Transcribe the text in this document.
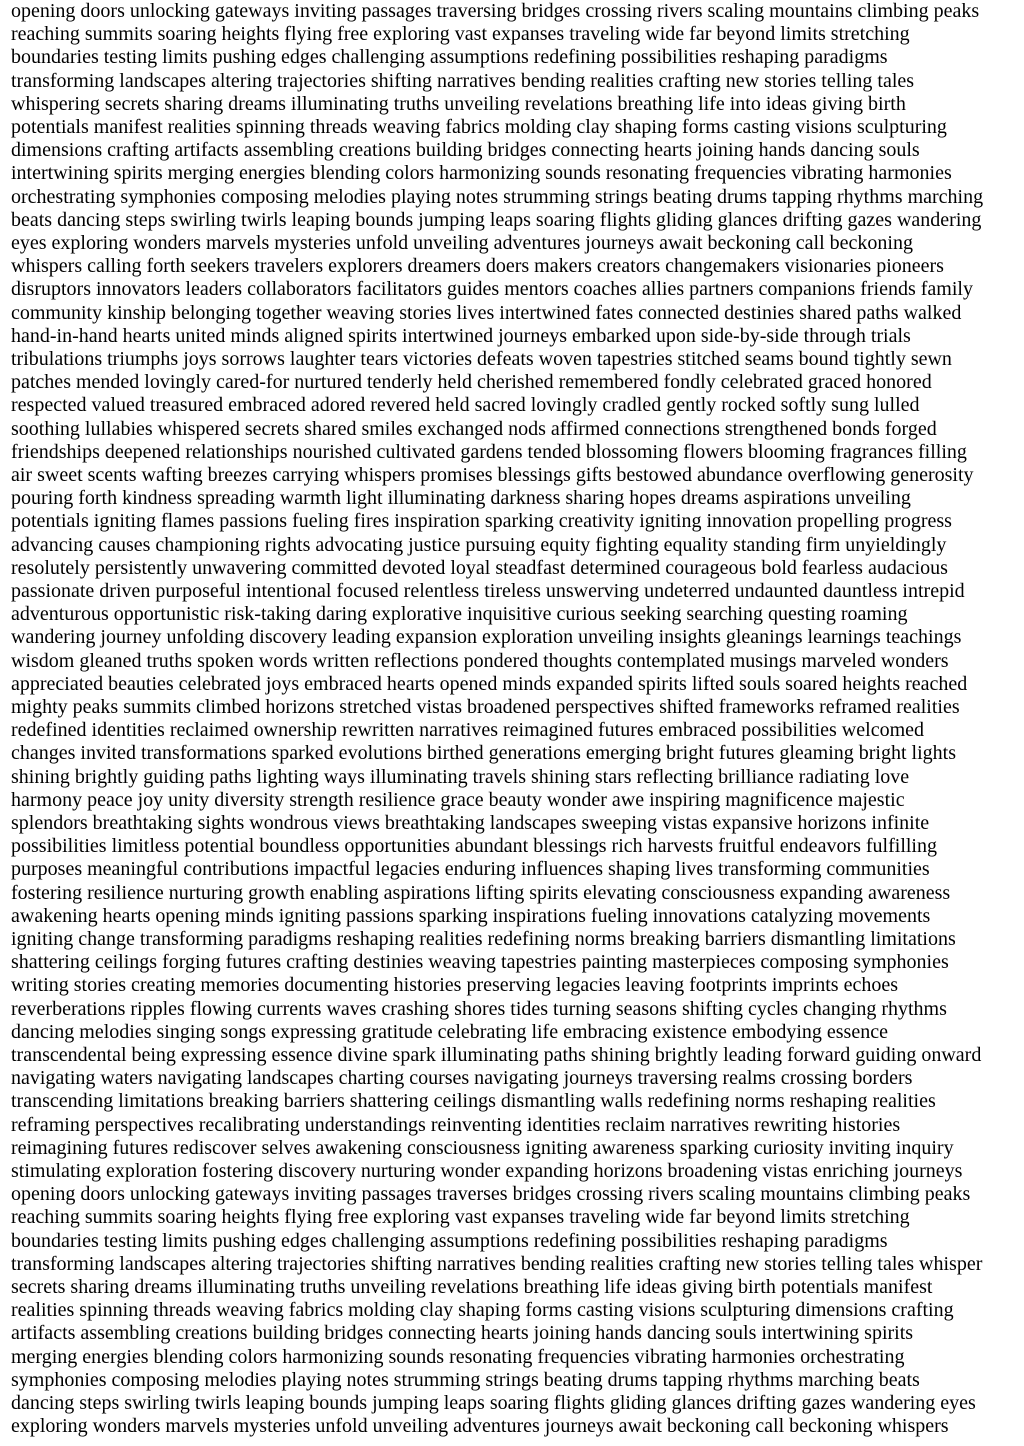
opening doors unlocking gateways inviting passages traversing bridges crossing rivers scaling mountains climbing peaks
reaching summits soaring heights flying free exploring vast expanses traveling wide far beyond limits stretching
boundaries testing limits pushing edges challenging assumptions redefining possibilities reshaping paradigms
transforming landscapes altering trajectories shifting narratives bending realities crafting new stories telling tales
whispering secrets sharing dreams illuminating truths unveiling revelations breathing life into ideas giving birth
potentials manifest realities spinning threads weaving fabrics molding clay shaping forms casting visions sculpturing
dimensions crafting artifacts assembling creations building bridges connecting hearts joining hands dancing souls
intertwining spirits merging energies blending colors harmonizing sounds resonating frequencies vibrating harmonies
orchestrating symphonies composing melodies playing notes strumming strings beating drums tapping rhythms marching
beats dancing steps swirling twirls leaping bounds jumping leaps soaring flights gliding glances drifting gazes wandering
eyes exploring wonders marvels mysteries unfold unveiling adventures journeys await beckoning call beckoning
whispers calling forth seekers travelers explorers dreamers doers makers creators changemakers visionaries pioneers
disruptors innovators leaders collaborators facilitators guides mentors coaches allies partners companions friends family
community kinship belonging together weaving stories lives intertwined fates connected destinies shared paths walked
hand-in-hand hearts united minds aligned spirits intertwined journeys embarked upon side-by-side through trials
tribulations triumphs joys sorrows laughter tears victories defeats woven tapestries stitched seams bound tightly sewn
patches mended lovingly cared-for nurtured tenderly held cherished remembered fondly celebrated graced honored
respected valued treasured embraced adored revered held sacred lovingly cradled gently rocked softly sung lulled
soothing lullabies whispered secrets shared smiles exchanged nods affirmed connections strengthened bonds forged
friendships deepened relationships nourished cultivated gardens tended blossoming flowers blooming fragrances filling
air sweet scents wafting breezes carrying whispers promises blessings gifts bestowed abundance overflowing generosity
pouring forth kindness spreading warmth light illuminating darkness sharing hopes dreams aspirations unveiling
potentials igniting flames passions fueling fires inspiration sparking creativity igniting innovation propelling progress
advancing causes championing rights advocating justice pursuing equity fighting equality standing firm unyieldingly
resolutely persistently unwavering committed devoted loyal steadfast determined courageous bold fearless audacious
passionate driven purposeful intentional focused relentless tireless unswerving undeterred undaunted dauntless intrepid
adventurous opportunistic risk-taking daring explorative inquisitive curious seeking searching questing roaming
wandering journey unfolding discovery leading expansion exploration unveiling insights gleanings learnings teachings
wisdom gleaned truths spoken words written reflections pondered thoughts contemplated musings marveled wonders
appreciated beauties celebrated joys embraced hearts opened minds expanded spirits lifted souls soared heights reached
mighty peaks summits climbed horizons stretched vistas broadened perspectives shifted frameworks reframed realities
redefined identities reclaimed ownership rewritten narratives reimagined futures embraced possibilities welcomed
changes invited transformations sparked evolutions birthed generations emerging bright futures gleaming bright lights
shining brightly guiding paths lighting ways illuminating travels shining stars reflecting brilliance radiating love
harmony peace joy unity diversity strength resilience grace beauty wonder awe inspiring magnificence majestic
splendors breathtaking sights wondrous views breathtaking landscapes sweeping vistas expansive horizons infinite
possibilities limitless potential boundless opportunities abundant blessings rich harvests fruitful endeavors fulfilling
purposes meaningful contributions impactful legacies enduring influences shaping lives transforming communities
fostering resilience nurturing growth enabling aspirations lifting spirits elevating consciousness expanding awareness
awakening hearts opening minds igniting passions sparking inspirations fueling innovations catalyzing movements
igniting change transforming paradigms reshaping realities redefining norms breaking barriers dismantling limitations
shattering ceilings forging futures crafting destinies weaving tapestries painting masterpieces composing symphonies
writing stories creating memories documenting histories preserving legacies leaving footprints imprints echoes
reverberations ripples flowing currents waves crashing shores tides turning seasons shifting cycles changing rhythms
dancing melodies singing songs expressing gratitude celebrating life embracing existence embodying essence
transcendental being expressing essence divine spark illuminating paths shining brightly leading forward guiding onward
navigating waters navigating landscapes charting courses navigating journeys traversing realms crossing borders
transcending limitations breaking barriers shattering ceilings dismantling walls redefining norms reshaping realities
reframing perspectives recalibrating understandings reinventing identities reclaim narratives rewriting histories
reimagining futures rediscover selves awakening consciousness igniting awareness sparking curiosity inviting inquiry
stimulating exploration fostering discovery nurturing wonder expanding horizons broadening vistas enriching journeys
opening doors unlocking gateways inviting passages traverses bridges crossing rivers scaling mountains climbing peaks
reaching summits soaring heights flying free exploring vast expanses traveling wide far beyond limits stretching
boundaries testing limits pushing edges challenging assumptions redefining possibilities reshaping paradigms
transforming landscapes altering trajectories shifting narratives bending realities crafting new stories telling tales whisper
secrets sharing dreams illuminating truths unveiling revelations breathing life ideas giving birth potentials manifest
realities spinning threads weaving fabrics molding clay shaping forms casting visions sculpturing dimensions crafting
artifacts assembling creations building bridges connecting hearts joining hands dancing souls intertwining spirits
merging energies blending colors harmonizing sounds resonating frequencies vibrating harmonies orchestrating
symphonies composing melodies playing notes strumming strings beating drums tapping rhythms marching beats
dancing steps swirling twirls leaping bounds jumping leaps soaring flights gliding glances drifting gazes wandering eyes
exploring wonders marvels mysteries unfold unveiling adventures journeys await beckoning call beckoning whispers
